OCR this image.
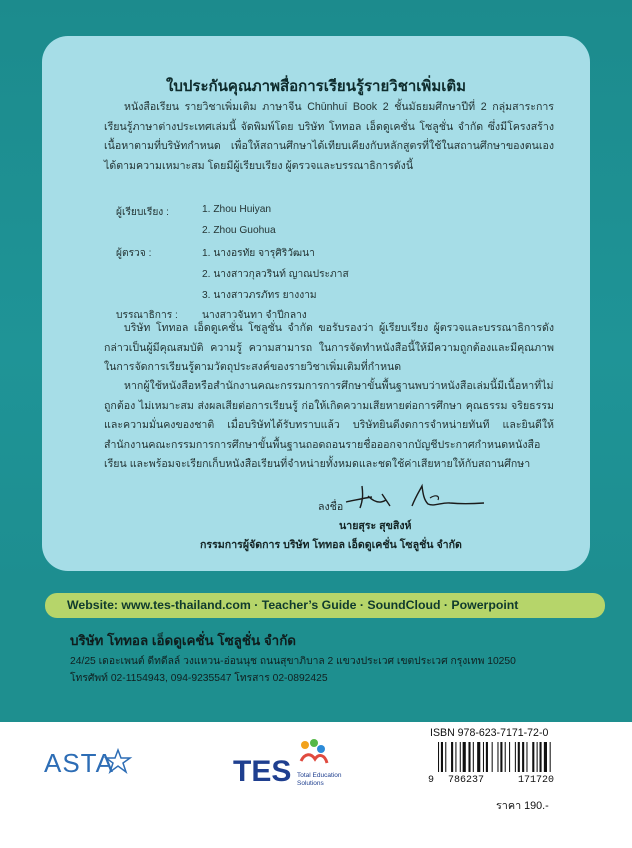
ใบประกันคุณภาพสื่อการเรียนรู้รายวิชาเพิ่มเติม
หนังสือเรียน รายวิชาเพิ่มเติม ภาษาจีน Chūnhuī Book 2 ชั้นมัธยมศึกษาปีที่ 2 กลุ่มสาระการเรียนรู้ภาษาต่างประเทศเล่มนี้ จัดพิมพ์โดย บริษัท โททอล เอ็ดดูเคชั่น โซลูชั่น จำกัด ซึ่งมีโครงสร้างเนื้อหาตามที่บริษัทกำหนด เพื่อให้สถานศึกษาได้เทียบเคียงกับหลักสูตรที่ใช้ในสถานศึกษาของตนเองได้ตามความเหมาะสม โดยมีผู้เรียบเรียง ผู้ตรวจและบรรณาธิการดังนี้
ผู้เรียบเรียง :	1. Zhou Huiyan
2. Zhou Guohua
ผู้ตรวจ :	1. นางอรทัย จารุศิริวัฒนา
2. นางสาวกุลวรินท์ ญาณประภาส
3. นางสาวภรภัทร ยางงาม
บรรณาธิการ : นางสาวจันทา จำปีกลาง
บริษัท โททอล เอ็ดดูเคชั่น โซลูชั่น จำกัด ขอรับรองว่า ผู้เรียบเรียง ผู้ตรวจและบรรณาธิการดังกล่าวเป็นผู้มีคุณสมบัติ ความรู้ ความสามารถ ในการจัดทำหนังสือนี้ให้มีความถูกต้องและมีคุณภาพในการจัดการเรียนรู้ตามวัตถุประสงค์ของรายวิชาเพิ่มเติมที่กำหนด
หากผู้ใช้หนังสือหรือสำนักงานคณะกรรมการการศึกษาขั้นพื้นฐานพบว่าหนังสือเล่มนี้มีเนื้อหาที่ไม่ถูกต้อง ไม่เหมาะสม ส่งผลเสียต่อการเรียนรู้ ก่อให้เกิดความเสียหายต่อการศึกษา คุณธรรม จริยธรรม และความมั่นคงของชาติ เมื่อบริษัทได้รับทราบแล้ว บริษัทยินดีงดการจำหน่ายทันที และยินดีให้สำนักงานคณะกรรมการการศึกษาขั้นพื้นฐานถอดถอนรายชื่อออกจากบัญชีประกาศกำหนดหนังสือเรียน และพร้อมจะเรียกเก็บหนังสือเรียนที่จำหน่ายทั้งหมดและชดใช้ค่าเสียหายให้กับสถานศึกษา
ลงชื่อ
นายสุระ สุขสิงห์
กรรมการผู้จัดการ บริษัท โททอล เอ็ดดูเคชั่น โซลูชั่น จำกัด
Website: www.tes-thailand.com · Teacher’s Guide · SoundCloud · Powerpoint
บริษัท โททอล เอ็ดดูเคชั่น โซลูชั่น จำกัด
24/25 เดอะเพนต์ ดีทดีลล์ วงแหวน-อ่อนนุช ถนนสุขาภิบาล 2 แขวงประเวศ เขตประเวศ กรุงเทพ 10250
โทรศัพท์ 02-1154943, 094-9235547 โทรสาร 02-0892425
ASTA	TES Total Education
Solutions
ISBN 978-623-7171-72-0
9 786237	171720
ราคา 190.-
